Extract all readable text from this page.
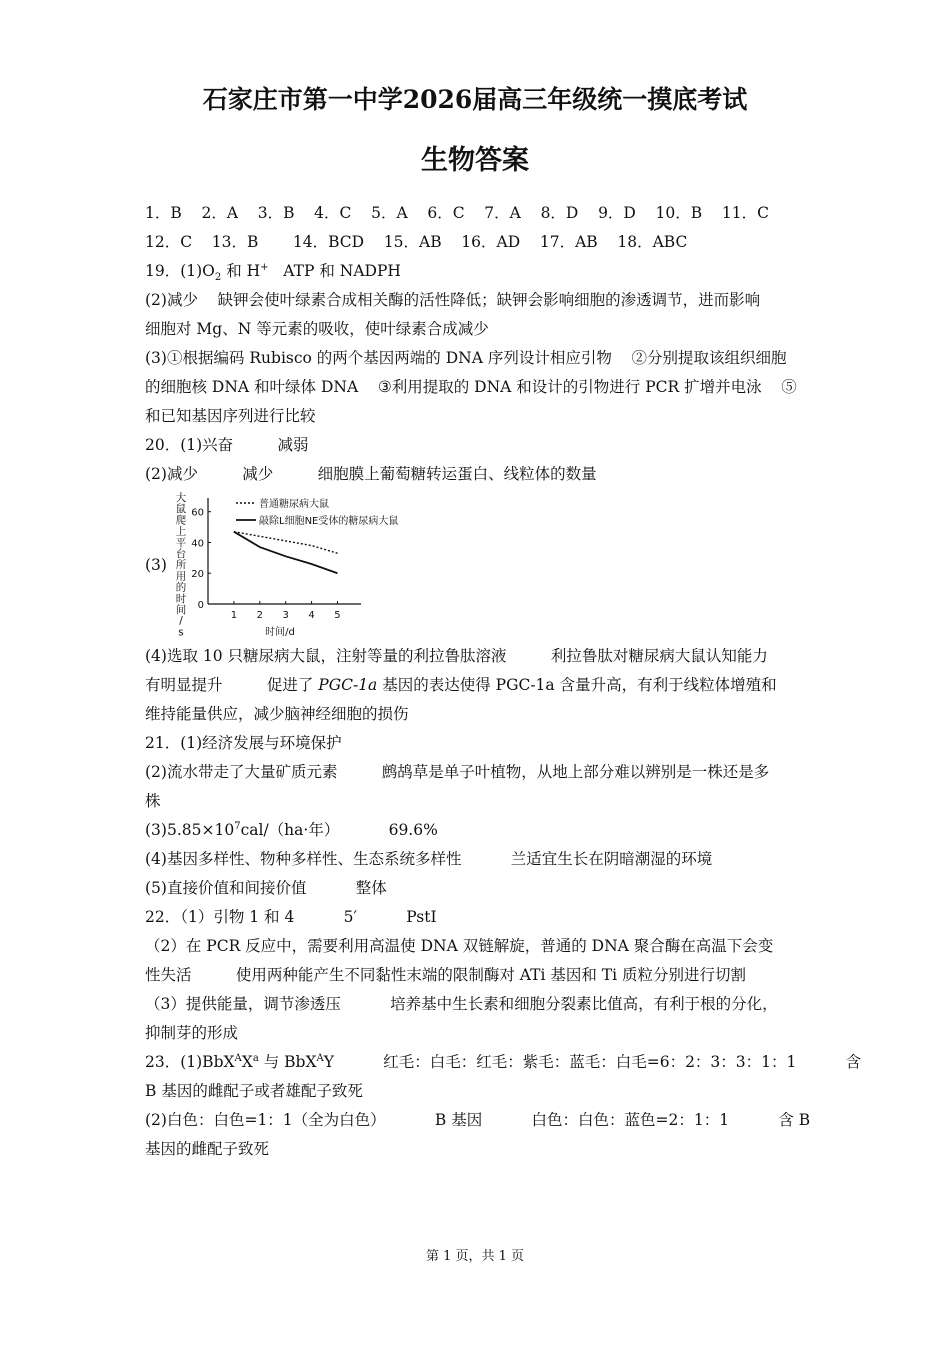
石家庄市第一中学2026届高三年级统一摸底考试
生物答案
1．B    2．A    3．B    4．C    5．A    6．C    7．A    8．D    9．D    10．B    11．C
12．C    13．B       14．BCD    15．AB    16．AD    17．AB    18．ABC
19．$(1)O_2$ 和 H+   ATP 和 NADPH
(2)减少    缺钾会使叶绿素合成相关酶的活性降低；缺钾会影响细胞的渗透调节，进而影响
细胞对 Mg、N 等元素的吸收，使叶绿素合成减少
(3)①根据编码 Rubisco 的两个基因两端的 DNA 序列设计相应引物    ②分别提取该组织细胞
的细胞核 DNA 和叶绿体 DNA    ③利用提取的 DNA 和设计的引物进行 PCR 扩增并电泳    ⑤
和已知基因序列进行比较
20．(1)兴奋         减弱
(2)减少         减少         细胞膜上葡萄糖转运蛋白、线粒体的数量
(3)
大
鼠
爬
上
平
台
所
用
的
时
间
/
s
0
20
40
60
1 2 3 4 5
普通糖尿病大鼠
敲除L细胞NE受体的糖尿病大鼠
时间/d
(4)选取 10 只糖尿病大鼠，注射等量的利拉鲁肽溶液         利拉鲁肽对糖尿病大鼠认知能力
有明显提升         促进了 PGC-1a 基因的表达使得 PGC-1a 含量升高，有利于线粒体增殖和
维持能量供应，减少脑神经细胞的损伤
21．(1)经济发展与环境保护
(2)流水带走了大量矿质元素         鹧鸪草是单子叶植物，从地上部分难以辨别是一株还是多
株
$(3)5.85\times 10^7cal/(ha\cdot$年）          69.6%
(4)基因多样性、物种多样性、生态系统多样性          兰适宜生长在阴暗潮湿的环境
(5)直接价值和间接价值          整体
22．（1）引物 1 和 4          5′          PstI
（2）在 PCR 反应中，需要利用高温使 DNA 双链解旋，普通的 DNA 聚合酶在高温下会变
性失活         使用两种能产生不同黏性末端的限制酶对 ATi 基因和 Ti 质粒分别进行切割
（3）提供能量，调节渗透压          培养基中生长素和细胞分裂素比值高，有利于根的分化，
抑制芽的形成
23．$(1)BbX^AX^a$ 与 BbX$^A$Y          红毛：白毛：红毛：紫毛：蓝毛：白毛=6：2：3：3：1：1          含
B 基因的雌配子或者雄配子致死
(2)白色：白色=1：1（全为白色）          B 基因          白色：白色：蓝色=2：1：1          含 B
基因的雌配子致死
第 1 页，共 1 页
